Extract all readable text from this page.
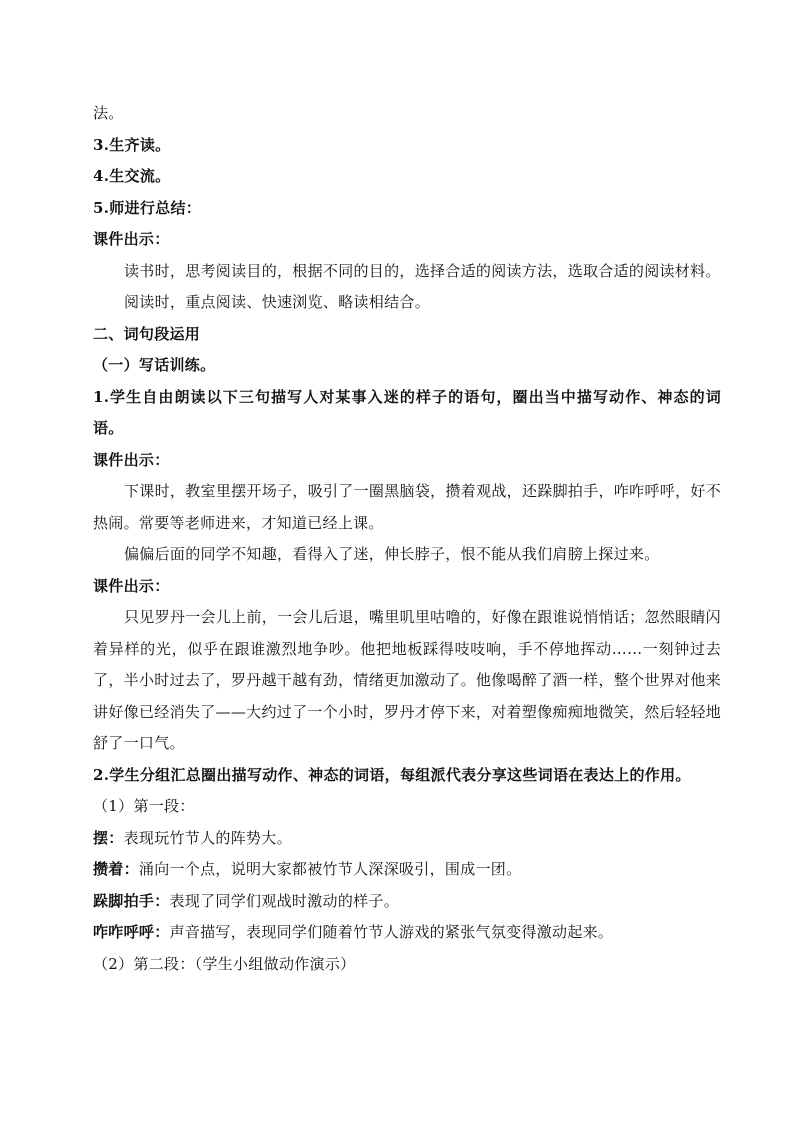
法。
3.生齐读。
4.生交流。
5.师进行总结：
课件出示：
读书时，思考阅读目的，根据不同的目的，选择合适的阅读方法，选取合适的阅读材料。
阅读时，重点阅读、快速浏览、略读相结合。
二、词句段运用
（一）写话训练。
1.学生自由朗读以下三句描写人对某事入迷的样子的语句，圈出当中描写动作、神态的词语。
课件出示：
下课时，教室里摆开场子，吸引了一圈黑脑袋，攒着观战，还跺脚拍手，咋咋呼呼，好不热闹。常要等老师进来，才知道已经上课。
偏偏后面的同学不知趣，看得入了迷，伸长脖子，恨不能从我们肩膀上探过来。
课件出示：
只见罗丹一会儿上前，一会儿后退，嘴里叽里咕噜的，好像在跟谁说悄悄话；忽然眼睛闪着异样的光，似乎在跟谁激烈地争吵。他把地板踩得吱吱响，手不停地挥动……一刻钟过去了，半小时过去了，罗丹越干越有劲，情绪更加激动了。他像喝醉了酒一样，整个世界对他来讲好像已经消失了——大约过了一个小时，罗丹才停下来，对着塑像痴痴地微笑，然后轻轻地舒了一口气。
2.学生分组汇总圈出描写动作、神态的词语，每组派代表分享这些词语在表达上的作用。
（1）第一段：
摆：表现玩竹节人的阵势大。
攒着：涌向一个点，说明大家都被竹节人深深吸引，围成一团。
跺脚拍手：表现了同学们观战时激动的样子。
咋咋呼呼：声音描写，表现同学们随着竹节人游戏的紧张气氛变得激动起来。
（2）第二段：（学生小组做动作演示）
